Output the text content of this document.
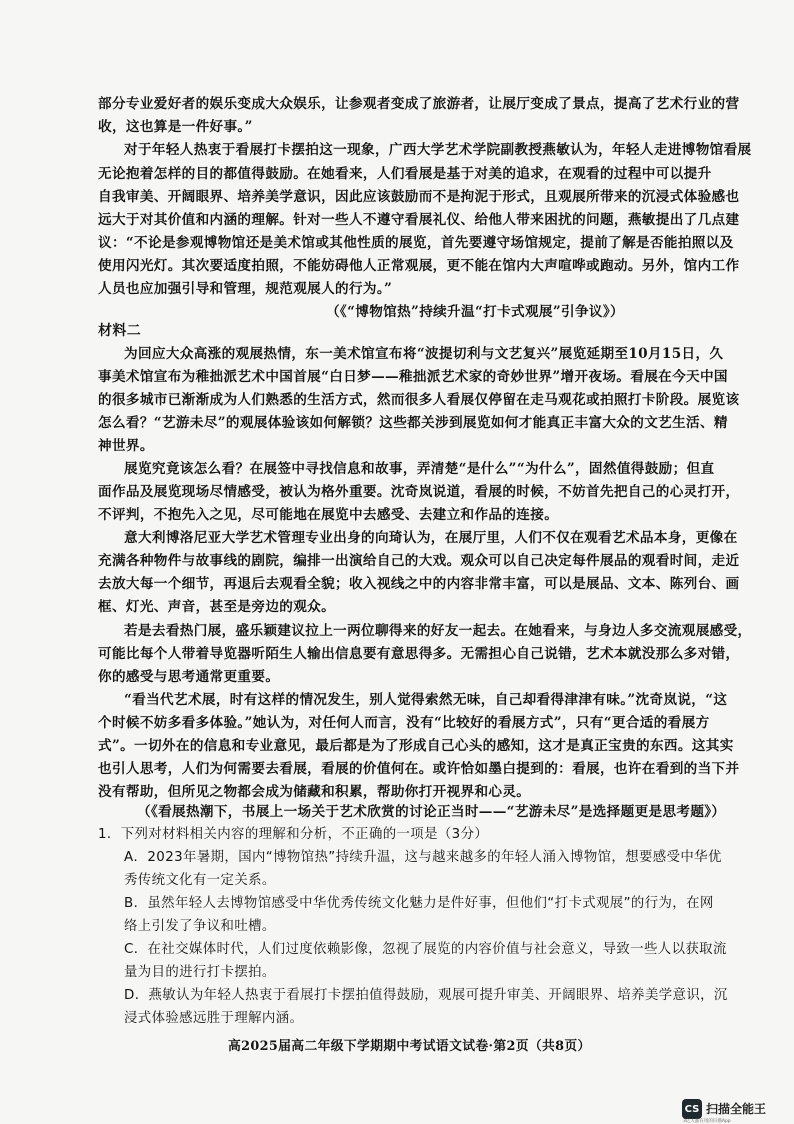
部分专业爱好者的娱乐变成大众娱乐，让参观者变成了旅游者，让展厅变成了景点，提高了艺术行业的营

收，这也算是一件好事。”

对于年轻人热衷于看展打卡摆拍这一现象，广西大学艺术学院副教授燕敏认为，年轻人走进博物馆看展

无论抱着怎样的目的都值得鼓励。在她看来，人们看展是基于对美的追求，在观看的过程中可以提升

自我审美、开阔眼界、培养美学意识，因此应该鼓励而不是拘泥于形式，且观展所带来的沉浸式体验感也

远大于对其价值和内涵的理解。针对一些人不遵守看展礼仪、给他人带来困扰的问题，燕敏提出了几点建

议：“不论是参观博物馆还是美术馆或其他性质的展览，首先要遵守场馆规定，提前了解是否能拍照以及

使用闪光灯。其次要适度拍照，不能妨碍他人正常观展，更不能在馆内大声喧哗或跑动。另外，馆内工作

人员也应加强引导和管理，规范观展人的行为。”

（《“博物馆热”持续升温“打卡式观展”引争议》）

材料二

为回应大众高涨的观展热情，东一美术馆宣布将“波提切利与文艺复兴”展览延期至10月15日，久

事美术馆宣布为稚拙派艺术中国首展“白日梦——稚拙派艺术家的奇妙世界”增开夜场。看展在今天中国

的很多城市已渐渐成为人们熟悉的生活方式，然而很多人看展仅停留在走马观花或拍照打卡阶段。展览该

怎么看？“艺游未尽”的观展体验该如何解锁？这些都关涉到展览如何才能真正丰富大众的文艺生活、精

神世界。

展览究竟该怎么看？在展签中寻找信息和故事，弄清楚“是什么”“为什么”，固然值得鼓励；但直

面作品及展览现场尽情感受，被认为格外重要。沈奇岚说道，看展的时候，不妨首先把自己的心灵打开，

不评判，不抱先入之见，尽可能地在展览中去感受、去建立和作品的连接。

意大利博洛尼亚大学艺术管理专业出身的向琦认为，在展厅里，人们不仅在观看艺术品本身，更像在

充满各种物件与故事线的剧院，编排一出演给自己的大戏。观众可以自己决定每件展品的观看时间，走近

去放大每一个细节，再退后去观看全貌；收入视线之中的内容非常丰富，可以是展品、文本、陈列台、画

框、灯光、声音，甚至是旁边的观众。

若是去看热门展，盛乐颖建议拉上一两位聊得来的好友一起去。在她看来，与身边人多交流观展感受，

可能比每个人带着导览器听陌生人输出信息要有意思得多。无需担心自己说错，艺术本就没那么多对错，

你的感受与思考通常更重要。

“看当代艺术展，时有这样的情况发生，别人觉得索然无味，自己却看得津津有味。”沈奇岚说，“这

个时候不妨多看多体验。”她认为，对任何人而言，没有“比较好的看展方式”，只有“更合适的看展方

式”。一切外在的信息和专业意见，最后都是为了形成自己心头的感知，这才是真正宝贵的东西。这其实

也引人思考，人们为何需要去看展，看展的价值何在。或许恰如墨白提到的：看展，也许在看到的当下并

没有帮助，但所见之物都会成为储藏和积累，帮助你打开视界和心灵。

（《看展热潮下，书展上一场关于艺术欣赏的讨论正当时——“艺游未尽”是选择题更是思考题》）

1．下列对材料相关内容的理解和分析，不正确的一项是（3分）

A．2023年暑期，国内“博物馆热”持续升温，这与越来越多的年轻人涌入博物馆，想要感受中华优

秀传统文化有一定关系。

B．虽然年轻人去博物馆感受中华优秀传统文化魅力是件好事，但他们“打卡式观展”的行为，在网

络上引发了争议和吐槽。

C．在社交媒体时代，人们过度依赖影像，忽视了展览的内容价值与社会意义，导致一些人以获取流

量为目的进行打卡摆拍。

D．燕敏认为年轻人热衷于看展打卡摆拍值得鼓励，观展可提升审美、开阔眼界、培养美学意识，沉

浸式体验感远胜于理解内涵。

高2025届高二年级下学期期中考试语文试卷·第2页（共8页）

CS 扫描全能王
3亿人都在用的扫描App
